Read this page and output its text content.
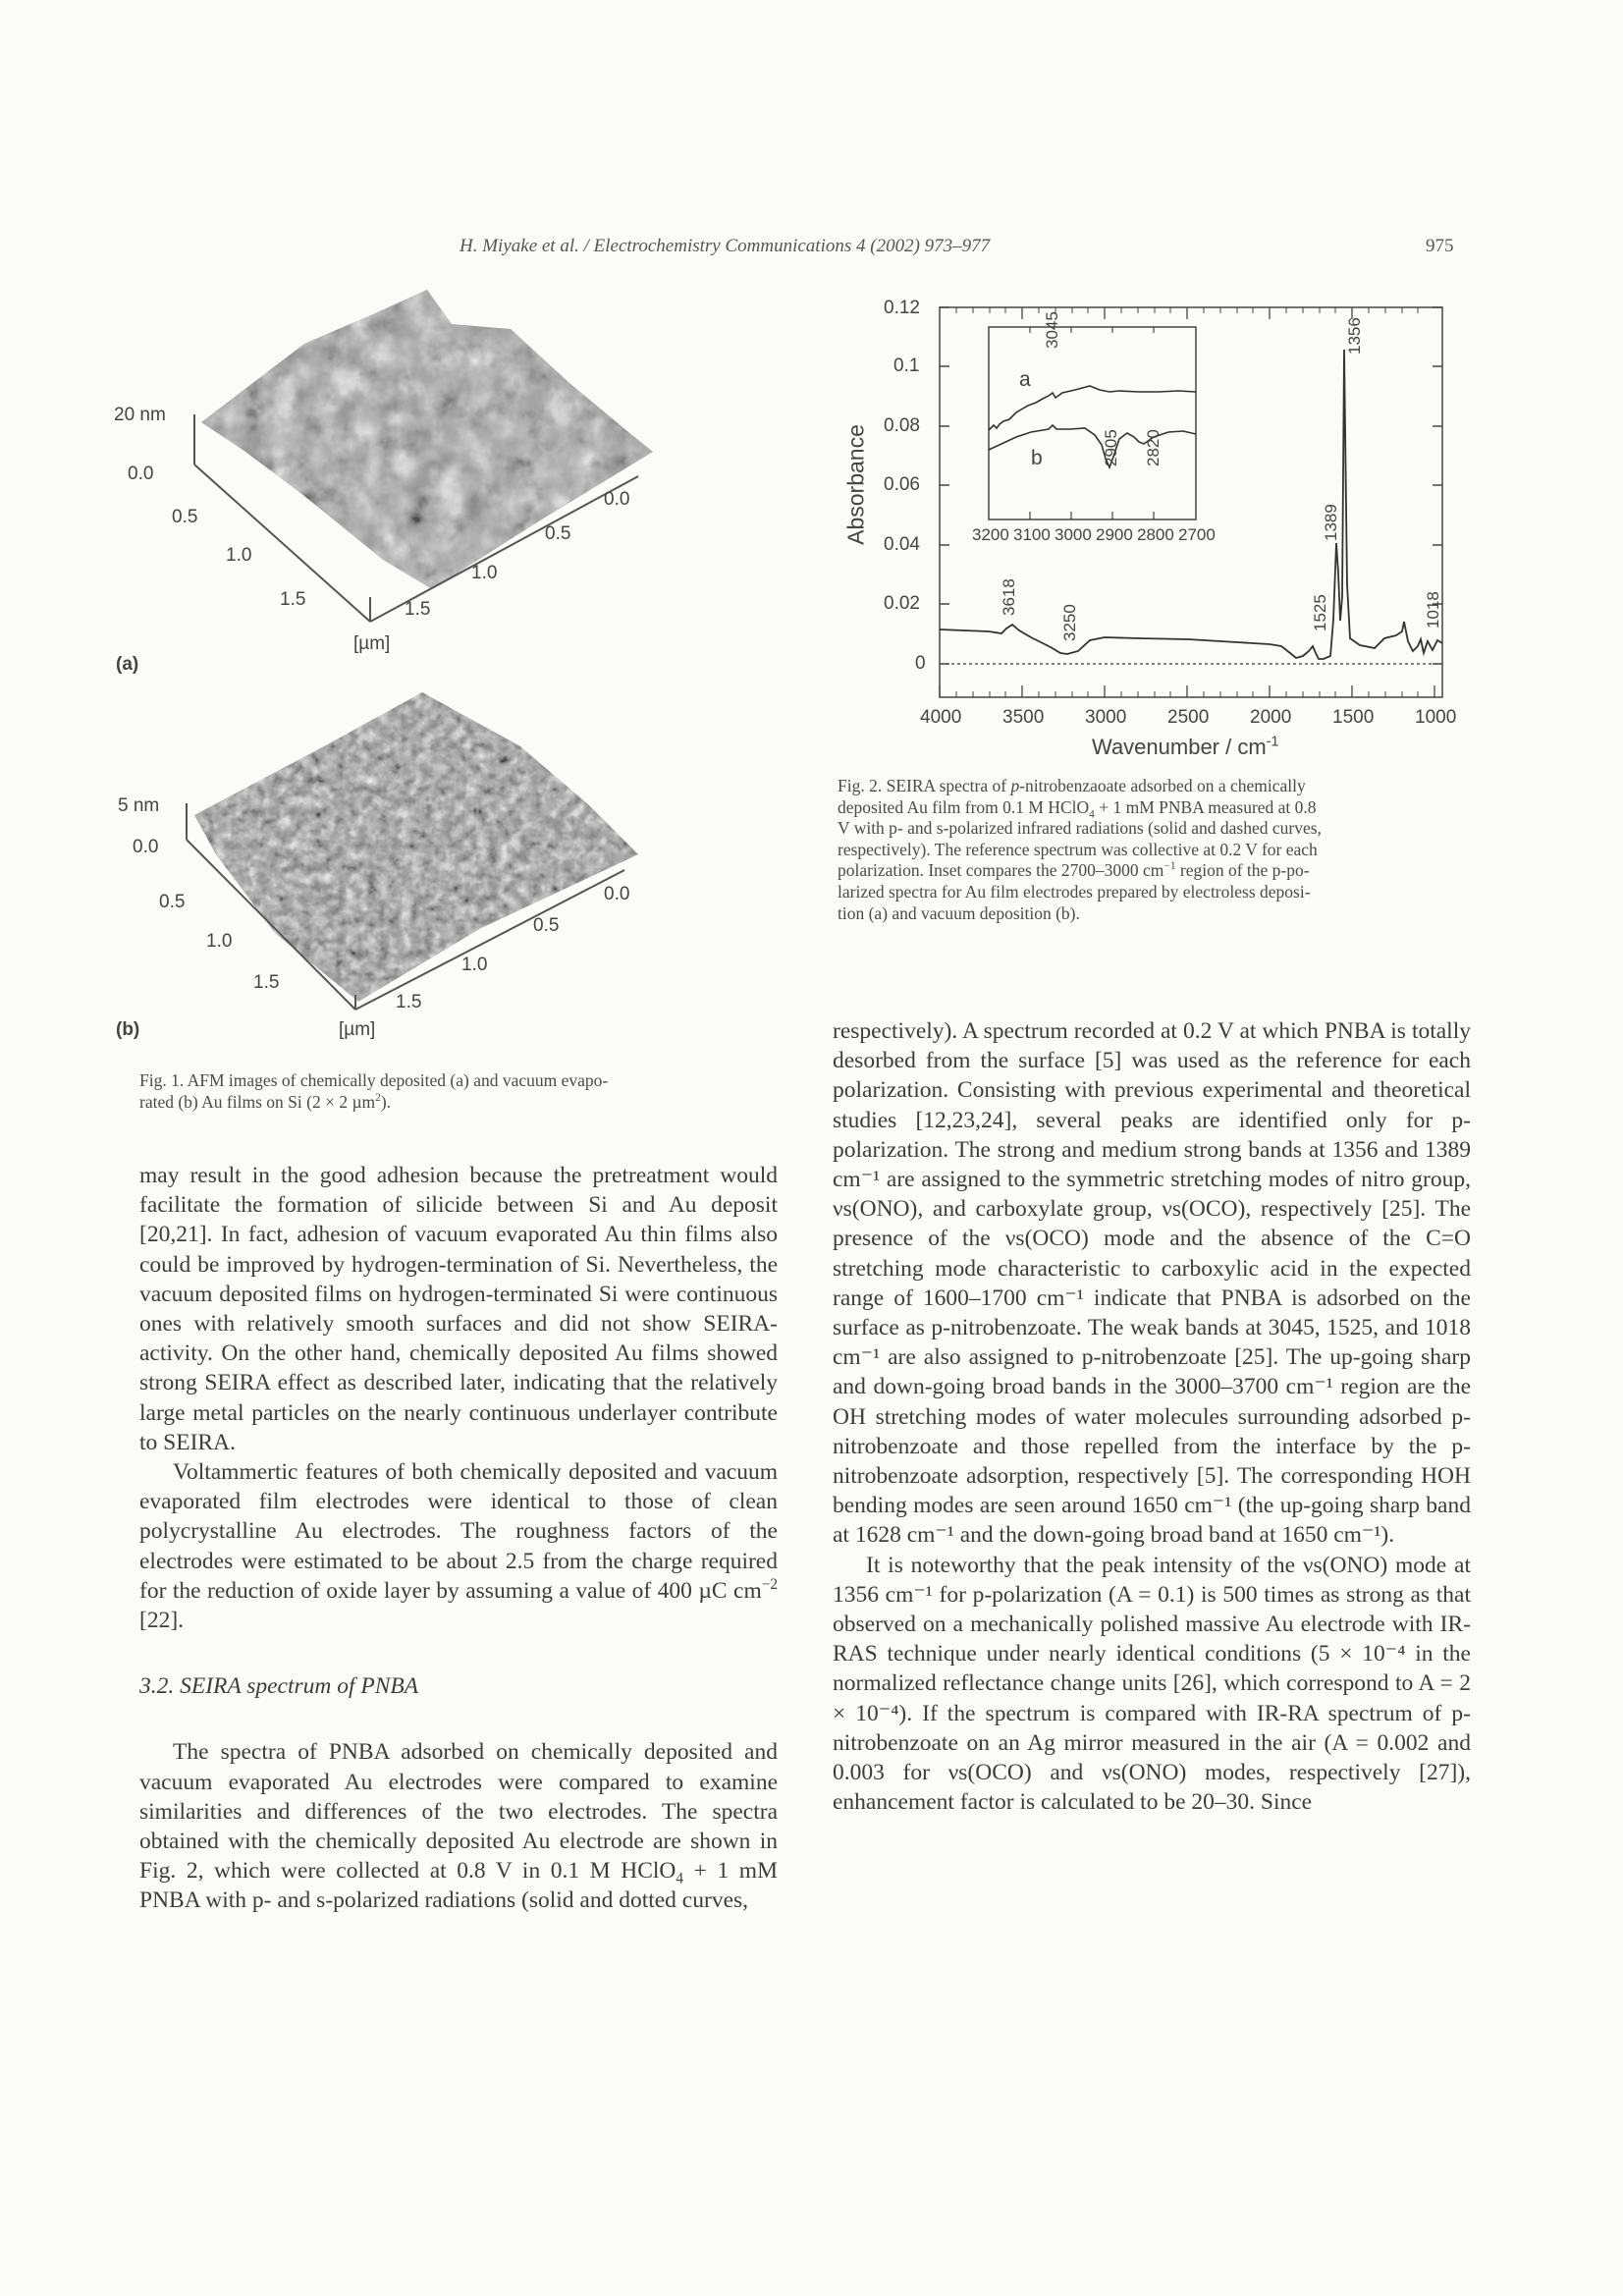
H. Miyake et al. / Electrochemistry Communications 4 (2002) 973–977	975
20 nm
0.0
0.5
1.0
1.5
0.0
0.5
1.0
1.5
[µm]
(a)
5 nm
0.0
0.5
1.0
1.5
0.0
0.5
1.0
1.5
[µm]
(b)
Fig. 1. AFM images of chemically deposited (a) and vacuum evapo-
rated (b) Au films on Si (2 × 2 µm$^2$).
0.12
0.1
0.08
0.06
0.04
0.02
0
Absorbance
4000 3500 3000 2500 2000 1500 1000
Wavenumber / $cm^{-1}$
3200 3100 3000 2900 2800 2700
a
b
3045
2905 2820
3618
3250	1525
1389
1356
1018
Fig. 2. SEIRA spectra of p-nitrobenzaoate adsorbed on a chemically
deposited Au film from 0.1 M HClO$_4$ + 1 mM PNBA measured at 0.8
V with p- and s-polarized infrared radiations (solid and dashed curves,
respectively). The reference spectrum was collective at 0.2 V for each
polarization. Inset compares the 2700–3000 $cm^{-1}$ region of the p-po-
larized spectra for Au film electrodes prepared by electroless deposi-
tion (a) and vacuum deposition (b).

may result in the good adhesion because the pretreatment would facilitate the formation of silicide between Si and Au deposit [20,21]. In fact, adhesion of vacuum evaporated Au thin films also could be improved by hydrogen-termination of Si. Nevertheless, the vacuum deposited films on hydrogen-terminated Si were continuous ones with relatively smooth surfaces and did not show SEIRA-activity. On the other hand, chemically deposited Au films showed strong SEIRA effect as described later, indicating that the relatively large metal particles on the nearly continuous underlayer contribute to SEIRA.

Voltammertic features of both chemically deposited and vacuum evaporated film electrodes were identical to those of clean polycrystalline Au electrodes. The roughness factors of the electrodes were estimated to be about 2.5 from the charge required for the reduction of oxide layer by assuming a value of 400 µC $cm^{-2}$ [22].

3.2. SEIRA spectrum of PNBA

The spectra of PNBA adsorbed on chemically deposited and vacuum evaporated Au electrodes were compared to examine similarities and differences of the two electrodes. The spectra obtained with the chemically deposited Au electrode are shown in Fig. 2, which were collected at 0.8 V in 0.1 M HClO$_4$ + 1 mM PNBA with p- and s-polarized radiations (solid and dotted curves,

respectively). A spectrum recorded at 0.2 V at which PNBA is totally desorbed from the surface [5] was used as the reference for each polarization. Consisting with previous experimental and theoretical studies [12,23,24], several peaks are identified only for p-polarization. The strong and medium strong bands at 1356 and 1389 cm⁻¹ are assigned to the symmetric stretching modes of nitro group, νs(ONO), and carboxylate group, νs(OCO), respectively [25]. The presence of the νs(OCO) mode and the absence of the C=O stretching mode characteristic to carboxylic acid in the expected range of 1600–1700 cm⁻¹ indicate that PNBA is adsorbed on the surface as p-nitrobenzoate. The weak bands at 3045, 1525, and 1018 cm⁻¹ are also assigned to p-nitrobenzoate [25]. The up-going sharp and down-going broad bands in the 3000–3700 cm⁻¹ region are the OH stretching modes of water molecules surrounding adsorbed p-nitrobenzoate and those repelled from the interface by the p-nitrobenzoate adsorption, respectively [5]. The corresponding HOH bending modes are seen around 1650 cm⁻¹ (the up-going sharp band at 1628 cm⁻¹ and the down-going broad band at 1650 cm⁻¹).

It is noteworthy that the peak intensity of the νs(ONO) mode at 1356 cm⁻¹ for p-polarization (A = 0.1) is 500 times as strong as that observed on a mechanically polished massive Au electrode with IR-RAS technique under nearly identical conditions (5 × 10⁻⁴ in the normalized reflectance change units [26], which correspond to A = 2 × 10⁻⁴). If the spectrum is compared with IR-RA spectrum of p-nitrobenzoate on an Ag mirror measured in the air (A = 0.002 and 0.003 for νs(OCO) and νs(ONO) modes, respectively [27]), enhancement factor is calculated to be 20–30. Since
